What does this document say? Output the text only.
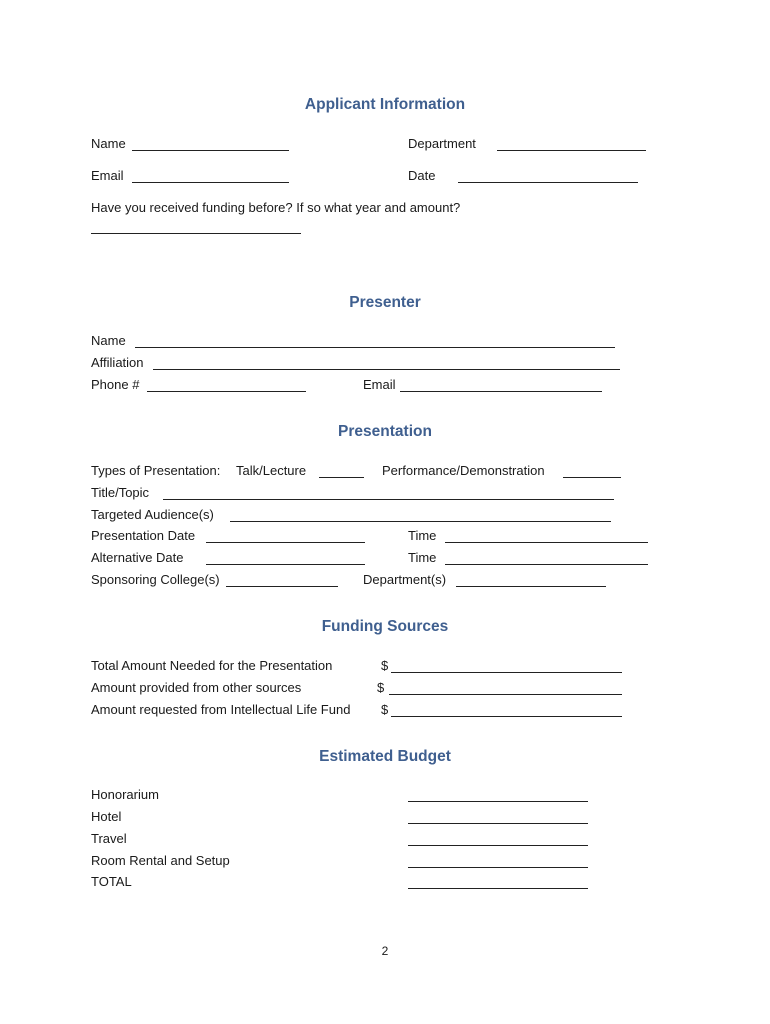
Applicant Information
Name	Department
Email	Date
Have you received funding before? If so what year and amount?
Presenter
Name
Affiliation
Phone #	Email
Presentation
Types of Presentation: Talk/Lecture	Performance/Demonstration
Title/Topic
Targeted Audience(s)
Presentation Date	Time
Alternative Date	Time
Sponsoring College(s)	Department(s)
Funding Sources
Total Amount Needed for the Presentation	$
Amount provided from other sources	$
Amount requested from Intellectual Life Fund $
Estimated Budget
Honorarium
Hotel
Travel
Room Rental and Setup
TOTAL
2
